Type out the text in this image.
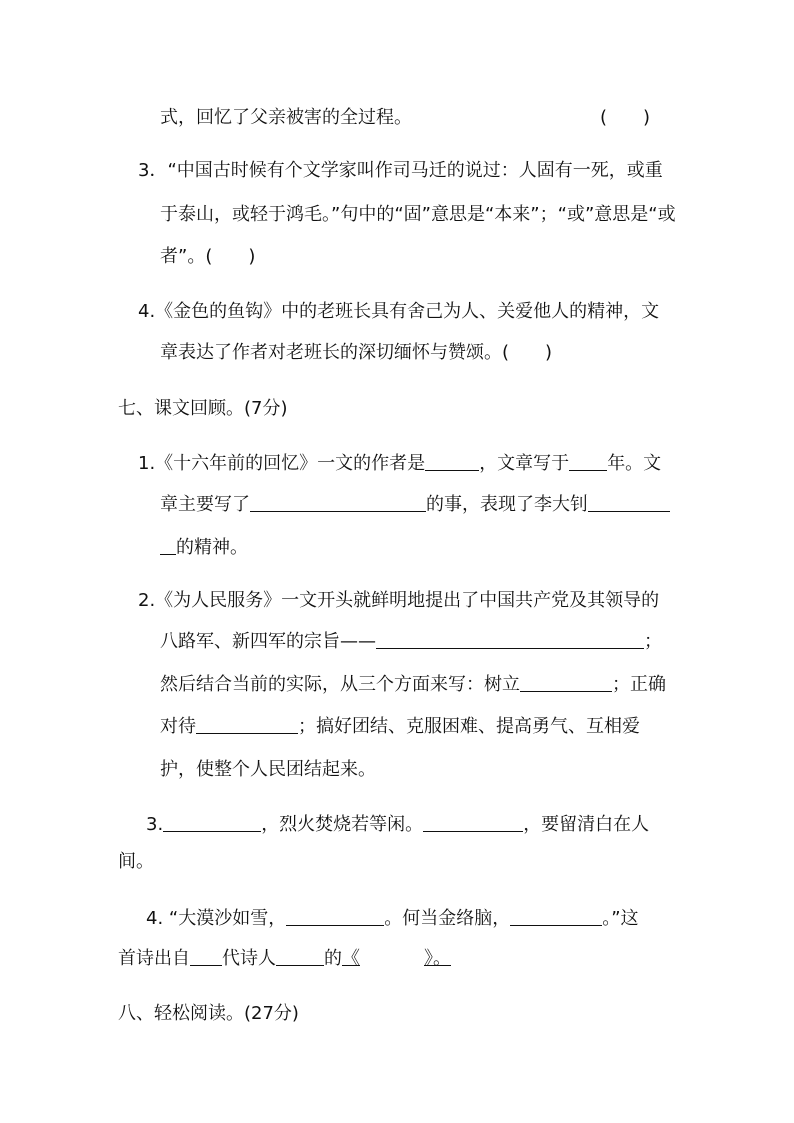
式，回忆了父亲被害的全过程。	(　　)
3．“中国古时候有个文学家叫作司马迁的说过：人固有一死，或重
于泰山，或轻于鸿毛。”句中的“固”意思是“本来”；“或”意思是“或
者”。(　　)
4.《金色的鱼钩》中的老班长具有舍己为人、关爱他人的精神，文
章表达了作者对老班长的深切缅怀与赞颂。(　　)
七、课文回顾。(7分)
1.《十六年前的回忆》一文的作者是	，文章写于 年。文
章主要写了	的事，表现了李大钊
的精神。
2.《为人民服务》一文开头就鲜明地提出了中国共产党及其领导的
八路军、新四军的宗旨——	；
然后结合当前的实际，从三个方面来写：树立	；正确
对待	；搞好团结、克服困难、提高勇气、互相爱
护，使整个人民团结起来。
3.	，烈火焚烧若等闲。	，要留清白在人
间。
4. “大漠沙如雪，	。何当金络脑，	。”这
首诗出自 代诗人	的《	》。
八、轻松阅读。(27分)
